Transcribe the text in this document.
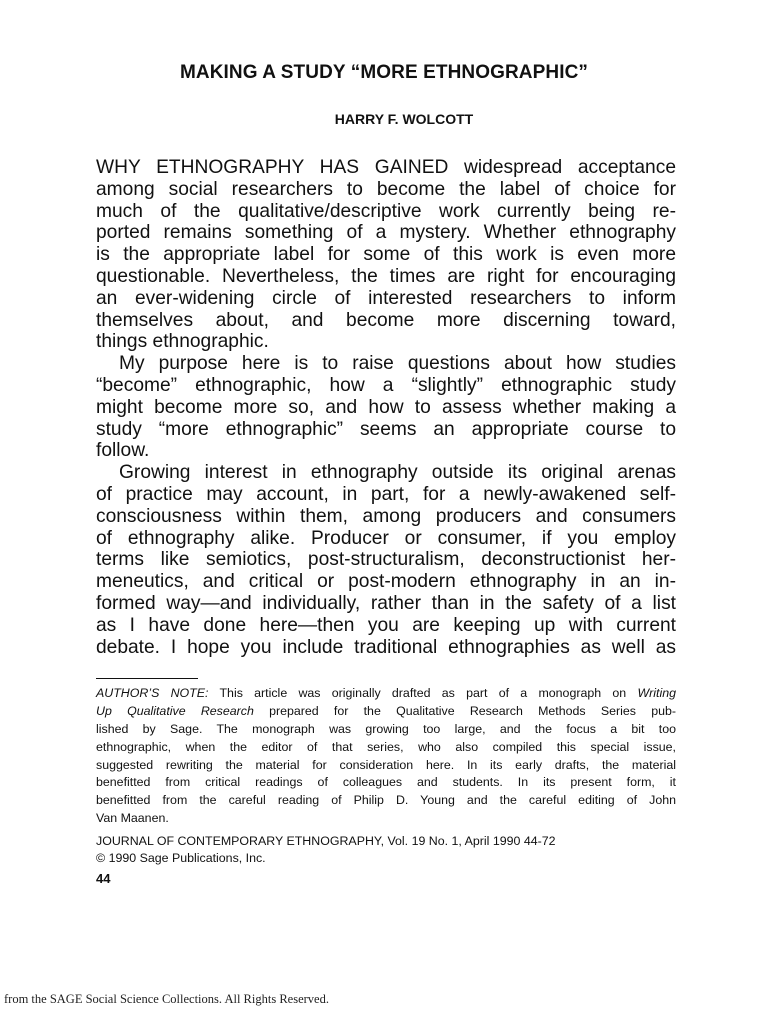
MAKING A STUDY “MORE ETHNOGRAPHIC”
HARRY F. WOLCOTT
WHY ETHNOGRAPHY HAS GAINED widespread acceptance
among social researchers to become the label of choice for
much of the qualitative/descriptive work currently being re-
ported remains something of a mystery. Whether ethnography
is the appropriate label for some of this work is even more
questionable. Nevertheless, the times are right for encouraging
an ever-widening circle of interested researchers to inform
themselves about, and become more discerning toward,
things ethnographic.
My purpose here is to raise questions about how studies
“become” ethnographic, how a “slightly” ethnographic study
might become more so, and how to assess whether making a
study “more ethnographic” seems an appropriate course to
follow.
Growing interest in ethnography outside its original arenas
of practice may account, in part, for a newly-awakened self-
consciousness within them, among producers and consumers
of ethnography alike. Producer or consumer, if you employ
terms like semiotics, post-structuralism, deconstructionist her-
meneutics, and critical or post-modern ethnography in an in-
formed way—and individually, rather than in the safety of a list
as I have done here—then you are keeping up with current
debate. I hope you include traditional ethnographies as well as
AUTHOR’S NOTE: This article was originally drafted as part of a monograph on Writing
Up Qualitative Research prepared for the Qualitative Research Methods Series pub-
lished by Sage. The monograph was growing too large, and the focus a bit too
ethnographic, when the editor of that series, who also compiled this special issue,
suggested rewriting the material for consideration here. In its early drafts, the material
benefitted from critical readings of colleagues and students. In its present form, it
benefitted from the careful reading of Philip D. Young and the careful editing of John
Van Maanen.
JOURNAL OF CONTEMPORARY ETHNOGRAPHY, Vol. 19 No. 1, April 1990 44-72
© 1990 Sage Publications, Inc.
44
from the SAGE Social Science Collections. All Rights Reserved.
